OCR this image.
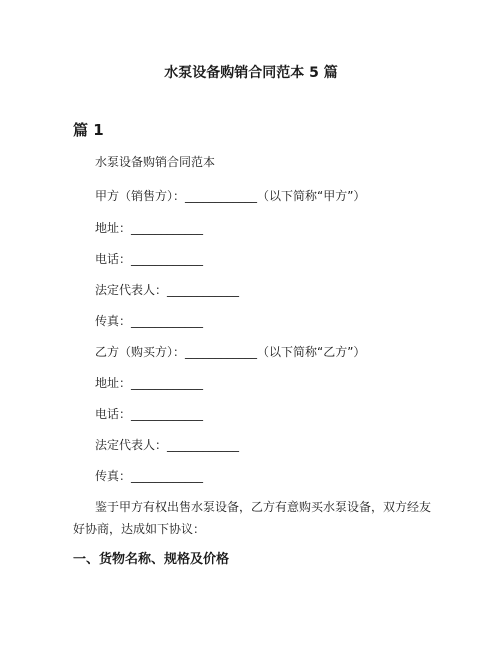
水泵设备购销合同范本 5 篇
篇 1
水泵设备购销合同范本
甲方（销售方）：____________（以下简称“甲方”）
地址：____________
电话：____________
法定代表人：____________
传真：____________
乙方（购买方）：____________（以下简称“乙方”）
地址：____________
电话：____________
法定代表人：____________
传真：____________
鉴于甲方有权出售水泵设备，乙方有意购买水泵设备，双方经友好协商，达成如下协议：
一、货物名称、规格及价格
